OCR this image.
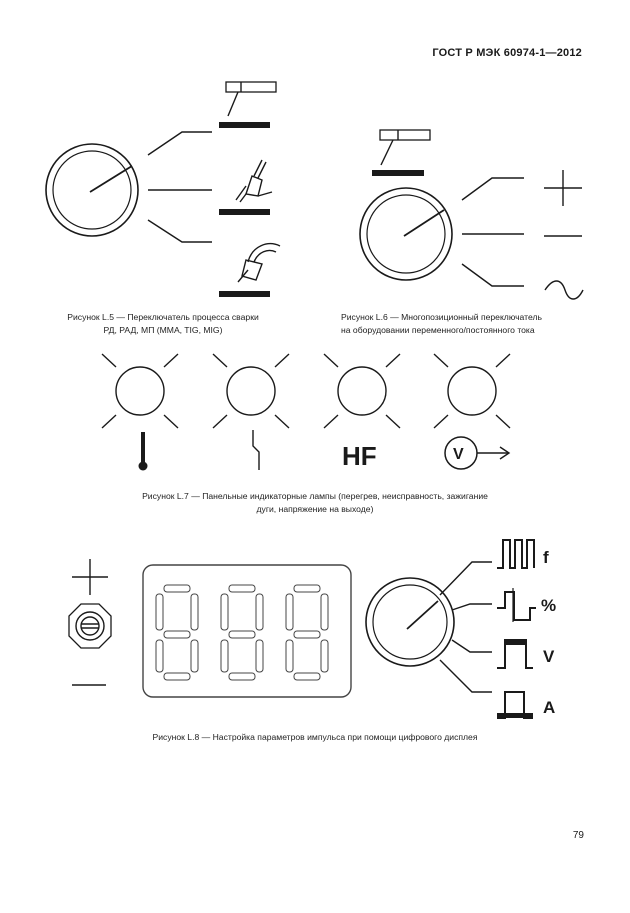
ГОСТ Р МЭК 60974-1—2012
HF	V
f
%
V
A
Рисунок L.5 — Переключатель процесса сварки
РД, РАД, МП (MMA, TIG, MIG)
Рисунок L.6 — Многопозиционный переключатель
на оборудовании переменного/постоянного тока
Рисунок L.7 — Панельные индикаторные лампы (перегрев, неисправность, зажигание
дуги, напряжение на выходе)
Рисунок L.8 — Настройка параметров импульса при помощи цифрового дисплея
79
